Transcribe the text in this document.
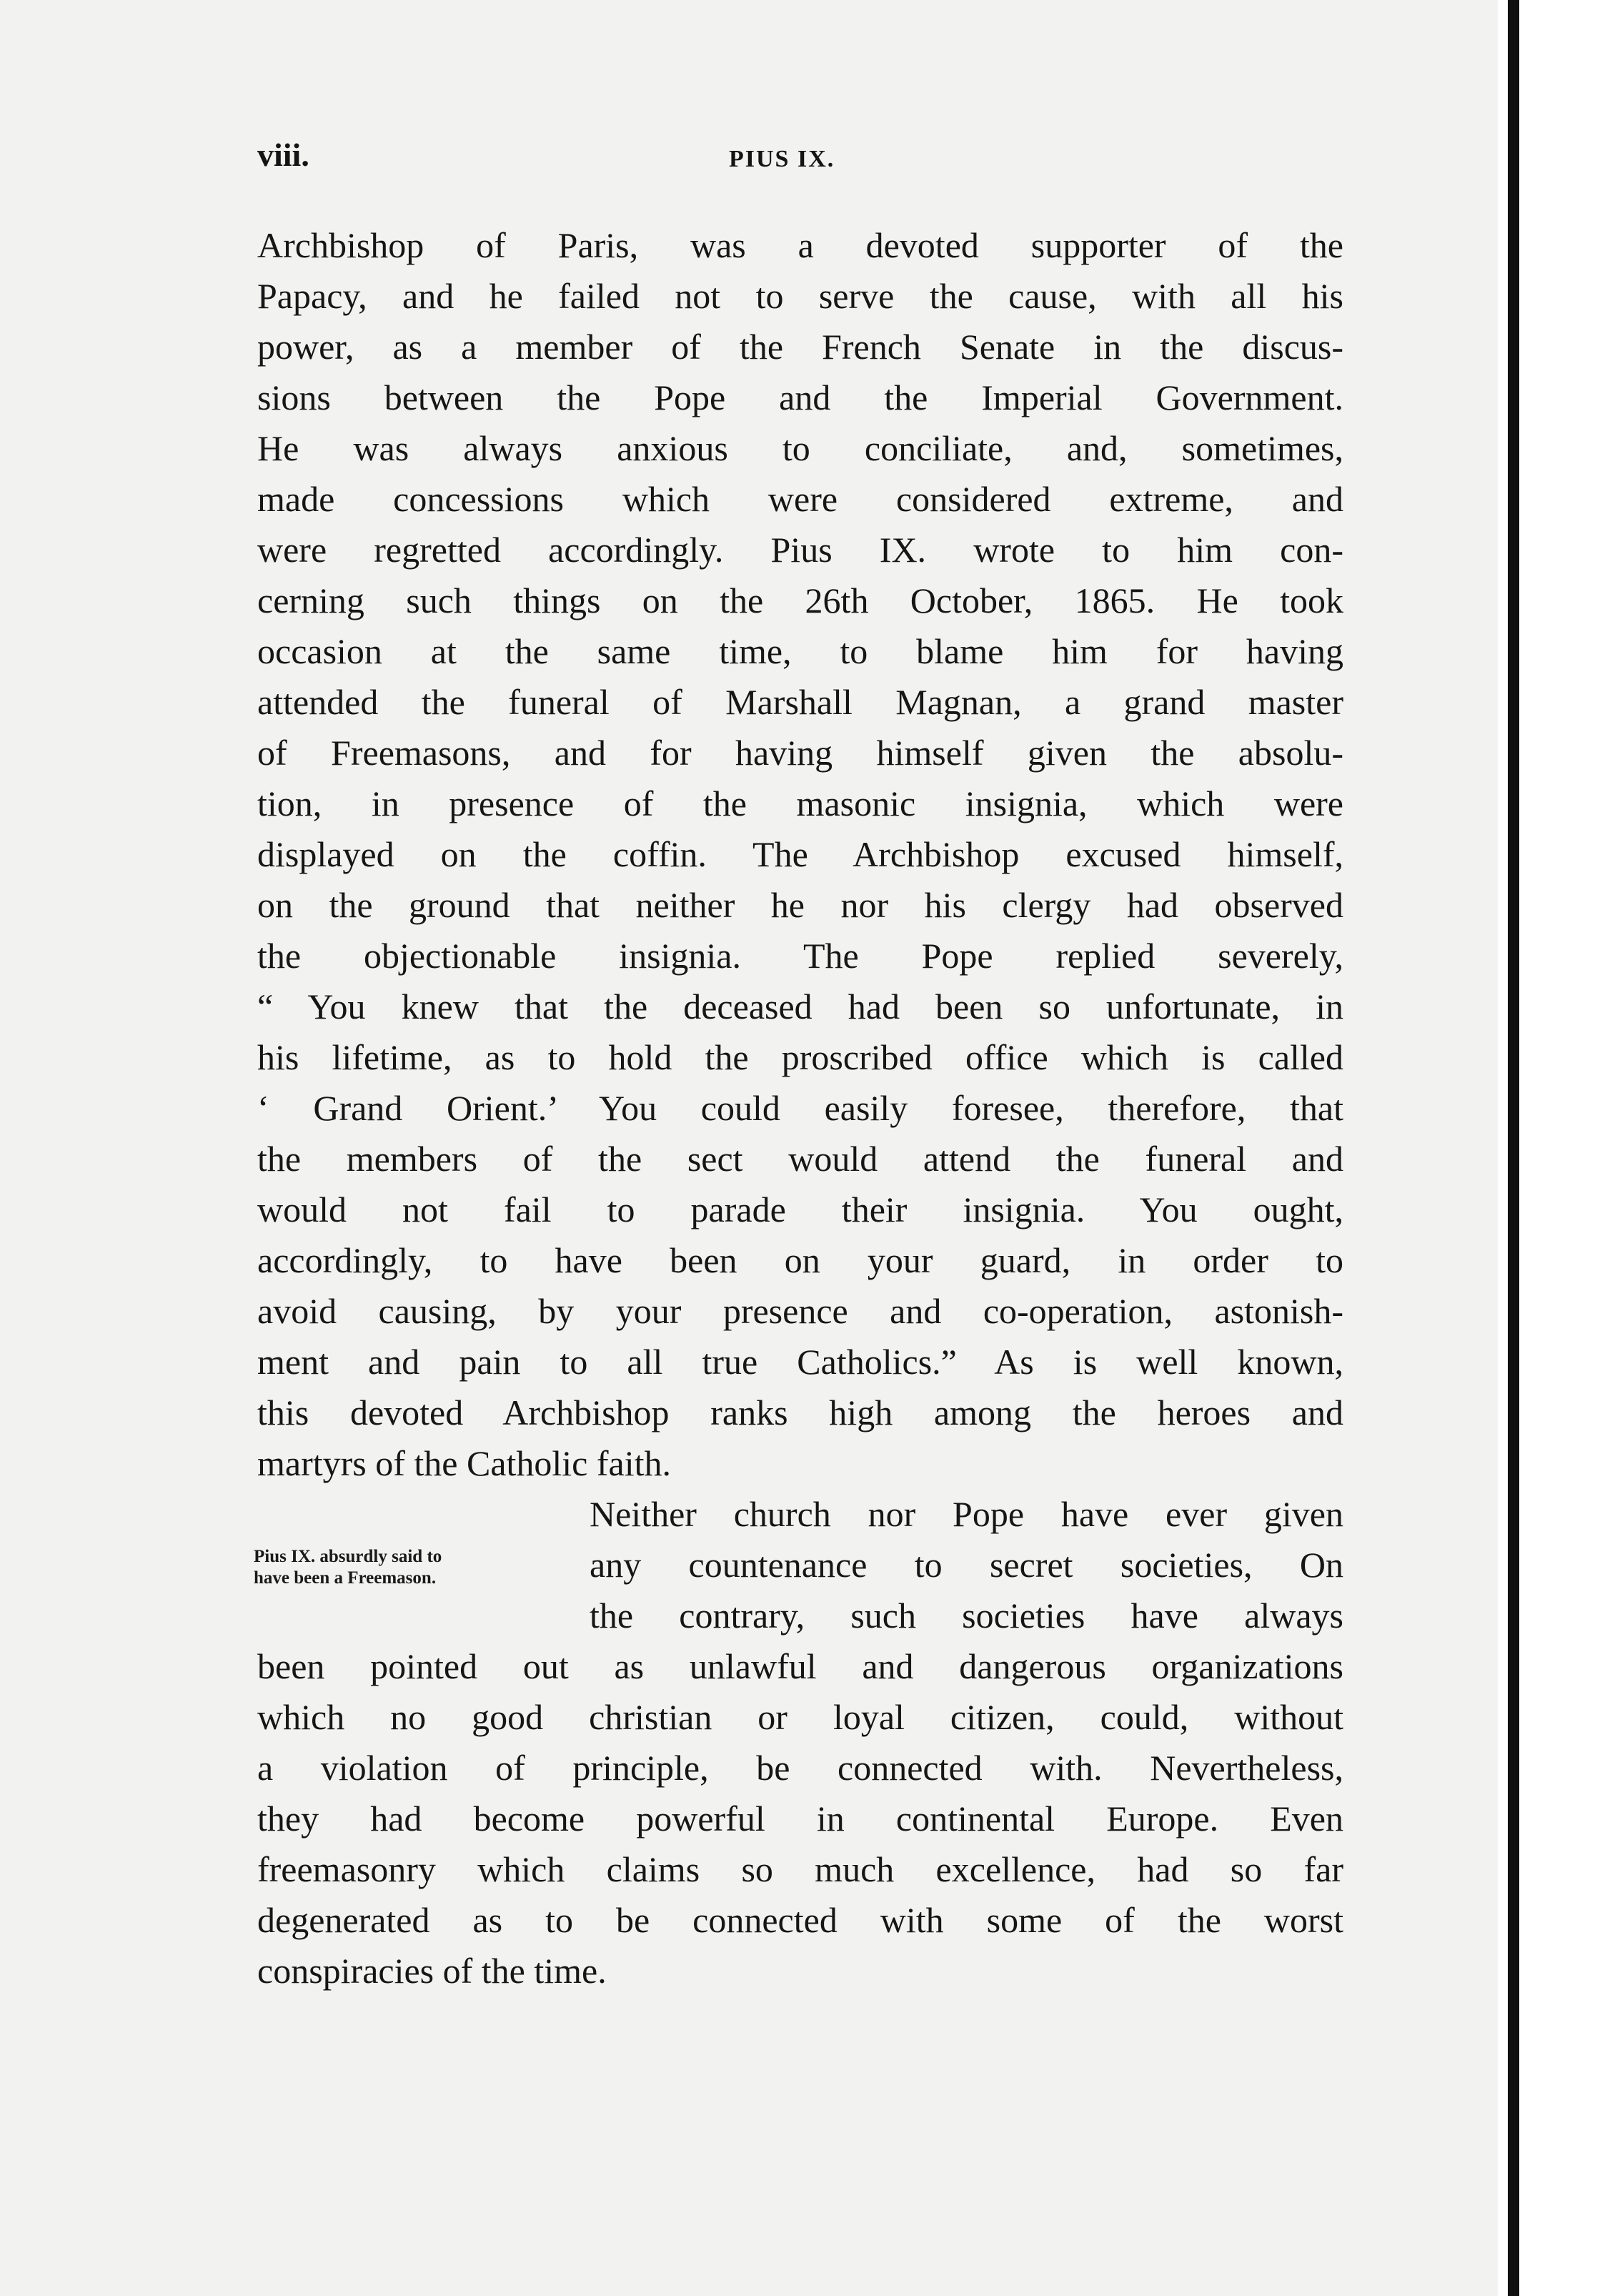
viii.	PIUS IX.
Archbishop of Paris, was a devoted supporter of the
Papacy, and he failed not to serve the cause, with all his
power, as a member of the French Senate in the discus-
sions between the Pope and the Imperial Government.
He was always anxious to conciliate, and, sometimes,
made concessions which were considered extreme, and
were regretted accordingly. Pius IX. wrote to him con-
cerning such things on the 26th October, 1865. He took
occasion at the same time, to blame him for having
attended the funeral of Marshall Magnan, a grand master
of Freemasons, and for having himself given the absolu-
tion, in presence of the masonic insignia, which were
displayed on the coffin. The Archbishop excused himself,
on the ground that neither he nor his clergy had observed
the objectionable insignia. The Pope replied severely,
“ You knew that the deceased had been so unfortunate, in
his lifetime, as to hold the proscribed office which is called
‘ Grand Orient.’ You could easily foresee, therefore, that
the members of the sect would attend the funeral and
would not fail to parade their insignia. You ought,
accordingly, to have been on your guard, in order to
avoid causing, by your presence and co-operation, astonish-
ment and pain to all true Catholics.” As is well known,
this devoted Archbishop ranks high among the heroes and
martyrs of the Catholic faith.
Neither church nor Pope have ever given
any countenance to secret societies, On
the contrary, such societies have always
been pointed out as unlawful and dangerous organizations
which no good christian or loyal citizen, could, without
a violation of principle, be connected with. Nevertheless,
they had become powerful in continental Europe. Even
freemasonry which claims so much excellence, had so far
degenerated as to be connected with some of the worst
conspiracies of the time.
Pius IX. absurdly said to
have been a Freemason.
